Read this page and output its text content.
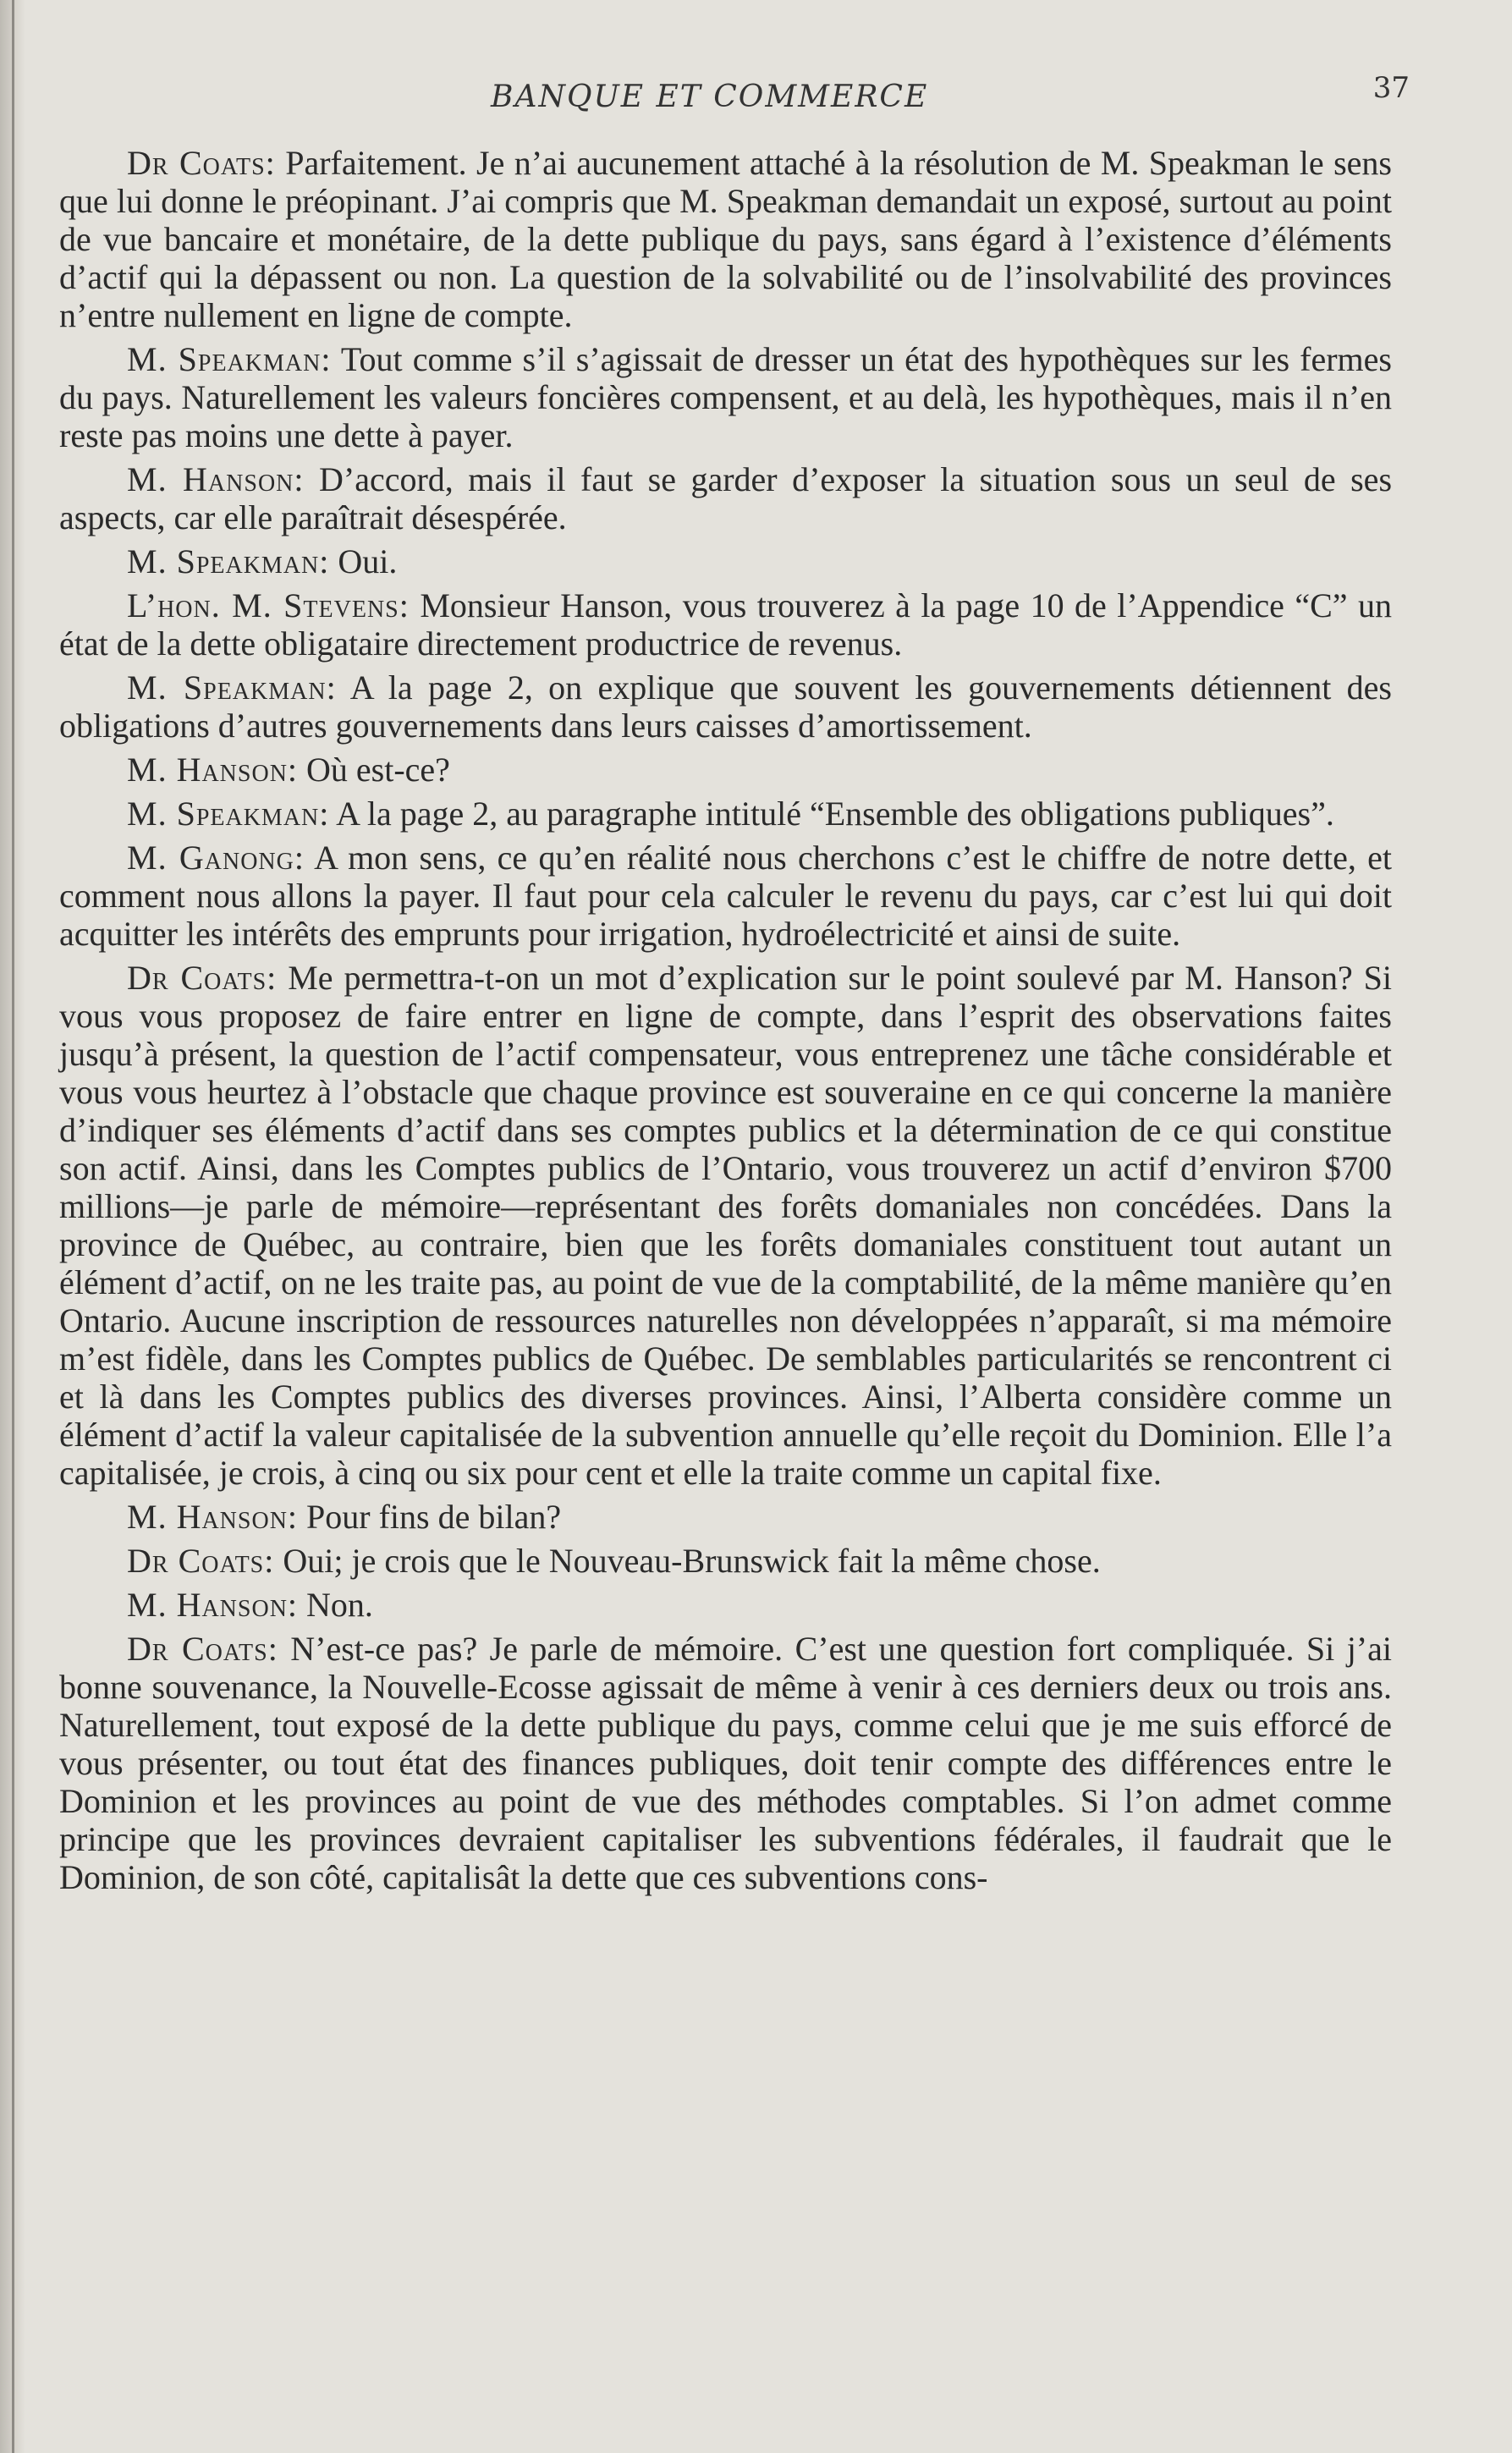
BANQUE ET COMMERCE	37

Dr Coats: Parfaitement. Je n’ai aucunement attaché à la résolution de M. Speakman le sens que lui donne le préopinant. J’ai compris que M. Speakman demandait un exposé, surtout au point de vue bancaire et monétaire, de la dette publique du pays, sans égard à l’existence d’éléments d’actif qui la dépassent ou non. La question de la solvabilité ou de l’insolvabilité des provinces n’entre nullement en ligne de compte.

M. Speakman: Tout comme s’il s’agissait de dresser un état des hypothèques sur les fermes du pays. Naturellement les valeurs foncières compensent, et au delà, les hypothèques, mais il n’en reste pas moins une dette à payer.

M. Hanson: D’accord, mais il faut se garder d’exposer la situation sous un seul de ses aspects, car elle paraîtrait désespérée.

M. Speakman: Oui.

L’hon. M. Stevens: Monsieur Hanson, vous trouverez à la page 10 de l’Appendice “C” un état de la dette obligataire directement productrice de revenus.

M. Speakman: A la page 2, on explique que souvent les gouvernements détiennent des obligations d’autres gouvernements dans leurs caisses d’amortissement.

M. Hanson: Où est-ce?

M. Speakman: A la page 2, au paragraphe intitulé “Ensemble des obligations publiques”.

M. Ganong: A mon sens, ce qu’en réalité nous cherchons c’est le chiffre de notre dette, et comment nous allons la payer. Il faut pour cela calculer le revenu du pays, car c’est lui qui doit acquitter les intérêts des emprunts pour irrigation, hydroélectricité et ainsi de suite.

Dr Coats: Me permettra-t-on un mot d’explication sur le point soulevé par M. Hanson? Si vous vous proposez de faire entrer en ligne de compte, dans l’esprit des observations faites jusqu’à présent, la question de l’actif compensateur, vous entreprenez une tâche considérable et vous vous heurtez à l’obstacle que chaque province est souveraine en ce qui concerne la manière d’indiquer ses éléments d’actif dans ses comptes publics et la détermination de ce qui constitue son actif. Ainsi, dans les Comptes publics de l’Ontario, vous trouverez un actif d’environ $700 millions—je parle de mémoire—représentant des forêts domaniales non concédées. Dans la province de Québec, au contraire, bien que les forêts domaniales constituent tout autant un élément d’actif, on ne les traite pas, au point de vue de la comptabilité, de la même manière qu’en Ontario. Aucune inscription de ressources naturelles non développées n’apparaît, si ma mémoire m’est fidèle, dans les Comptes publics de Québec. De semblables particularités se rencontrent ci et là dans les Comptes publics des diverses provinces. Ainsi, l’Alberta considère comme un élément d’actif la valeur capitalisée de la subvention annuelle qu’elle reçoit du Dominion. Elle l’a capitalisée, je crois, à cinq ou six pour cent et elle la traite comme un capital fixe.

M. Hanson: Pour fins de bilan?

Dr Coats: Oui; je crois que le Nouveau-Brunswick fait la même chose.

M. Hanson: Non.

Dr Coats: N’est-ce pas? Je parle de mémoire. C’est une question fort compliquée. Si j’ai bonne souvenance, la Nouvelle-Ecosse agissait de même à venir à ces derniers deux ou trois ans. Naturellement, tout exposé de la dette publique du pays, comme celui que je me suis efforcé de vous présenter, ou tout état des finances publiques, doit tenir compte des différences entre le Dominion et les provinces au point de vue des méthodes comptables. Si l’on admet comme principe que les provinces devraient capitaliser les subventions fédérales, il faudrait que le Dominion, de son côté, capitalisât la dette que ces subventions cons-
